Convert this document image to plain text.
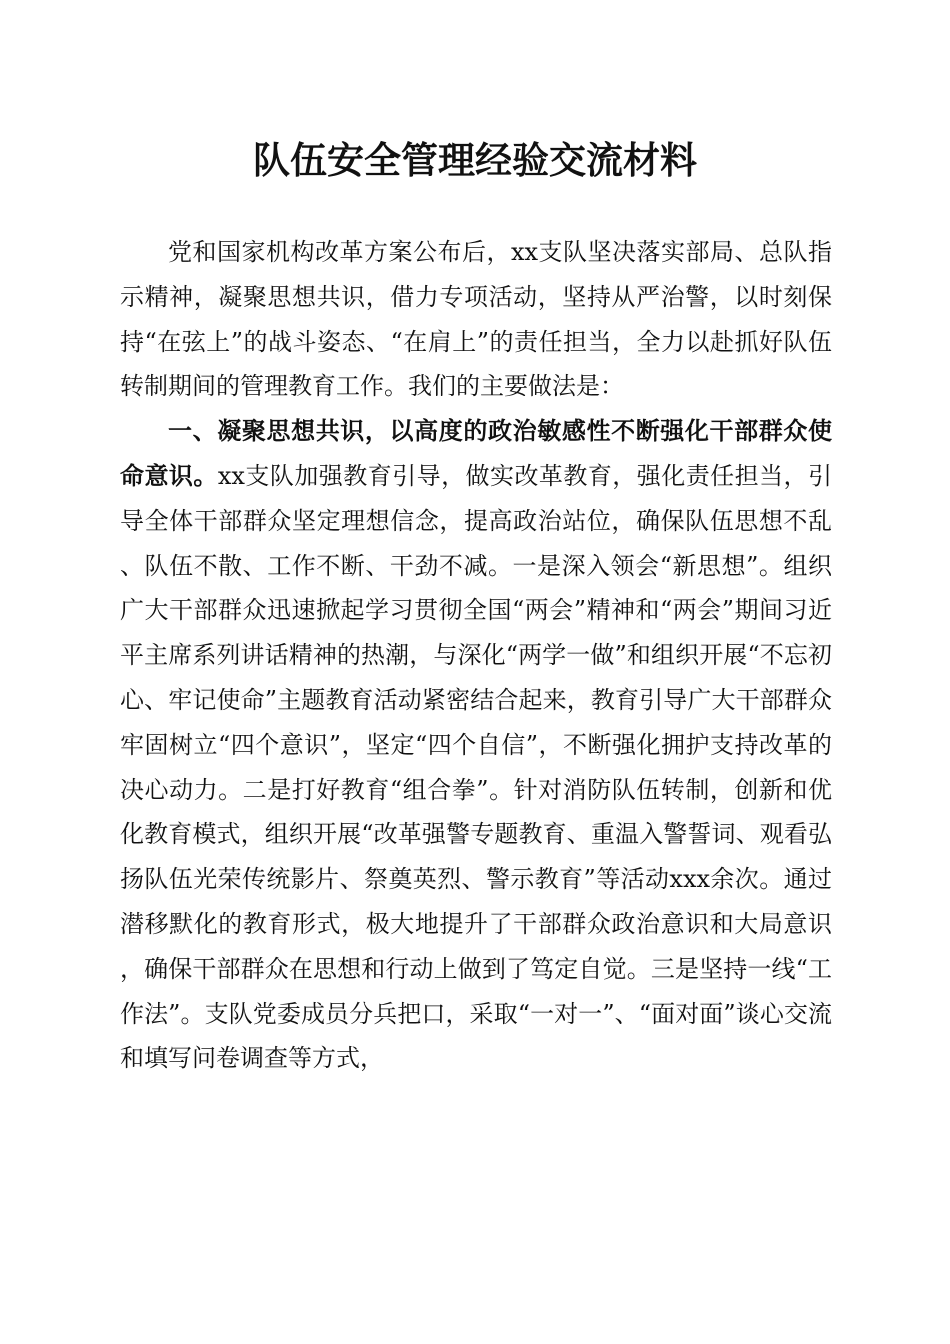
队伍安全管理经验交流材料

党和国家机构改革方案公布后，xx支队坚决落实部局、总队指示精神，凝聚思想共识，借力专项活动，坚持从严治警，以时刻保持“在弦上”的战斗姿态、“在肩上”的责任担当，全力以赴抓好队伍转制期间的管理教育工作。我们的主要做法是：

一、凝聚思想共识，以高度的政治敏感性不断强化干部群众使命意识。xx支队加强教育引导，做实改革教育，强化责任担当，引导全体干部群众坚定理想信念，提高政治站位，确保队伍思想不乱、队伍不散、工作不断、干劲不减。一是深入领会“新思想”。组织广大干部群众迅速掀起学习贯彻全国“两会”精神和“两会”期间习近平主席系列讲话精神的热潮，与深化“两学一做”和组织开展“不忘初心、牢记使命”主题教育活动紧密结合起来，教育引导广大干部群众牢固树立“四个意识”，坚定“四个自信”，不断强化拥护支持改革的决心动力。二是打好教育“组合拳”。针对消防队伍转制，创新和优化教育模式，组织开展“改革强警专题教育、重温入警誓词、观看弘扬队伍光荣传统影片、祭奠英烈、警示教育”等活动xxx余次。通过潜移默化的教育形式，极大地提升了干部群众政治意识和大局意识，确保干部群众在思想和行动上做到了笃定自觉。三是坚持一线“工作法”。支队党委成员分兵把口，采取“一对一”、“面对面”谈心交流和填写问卷调查等方式，
